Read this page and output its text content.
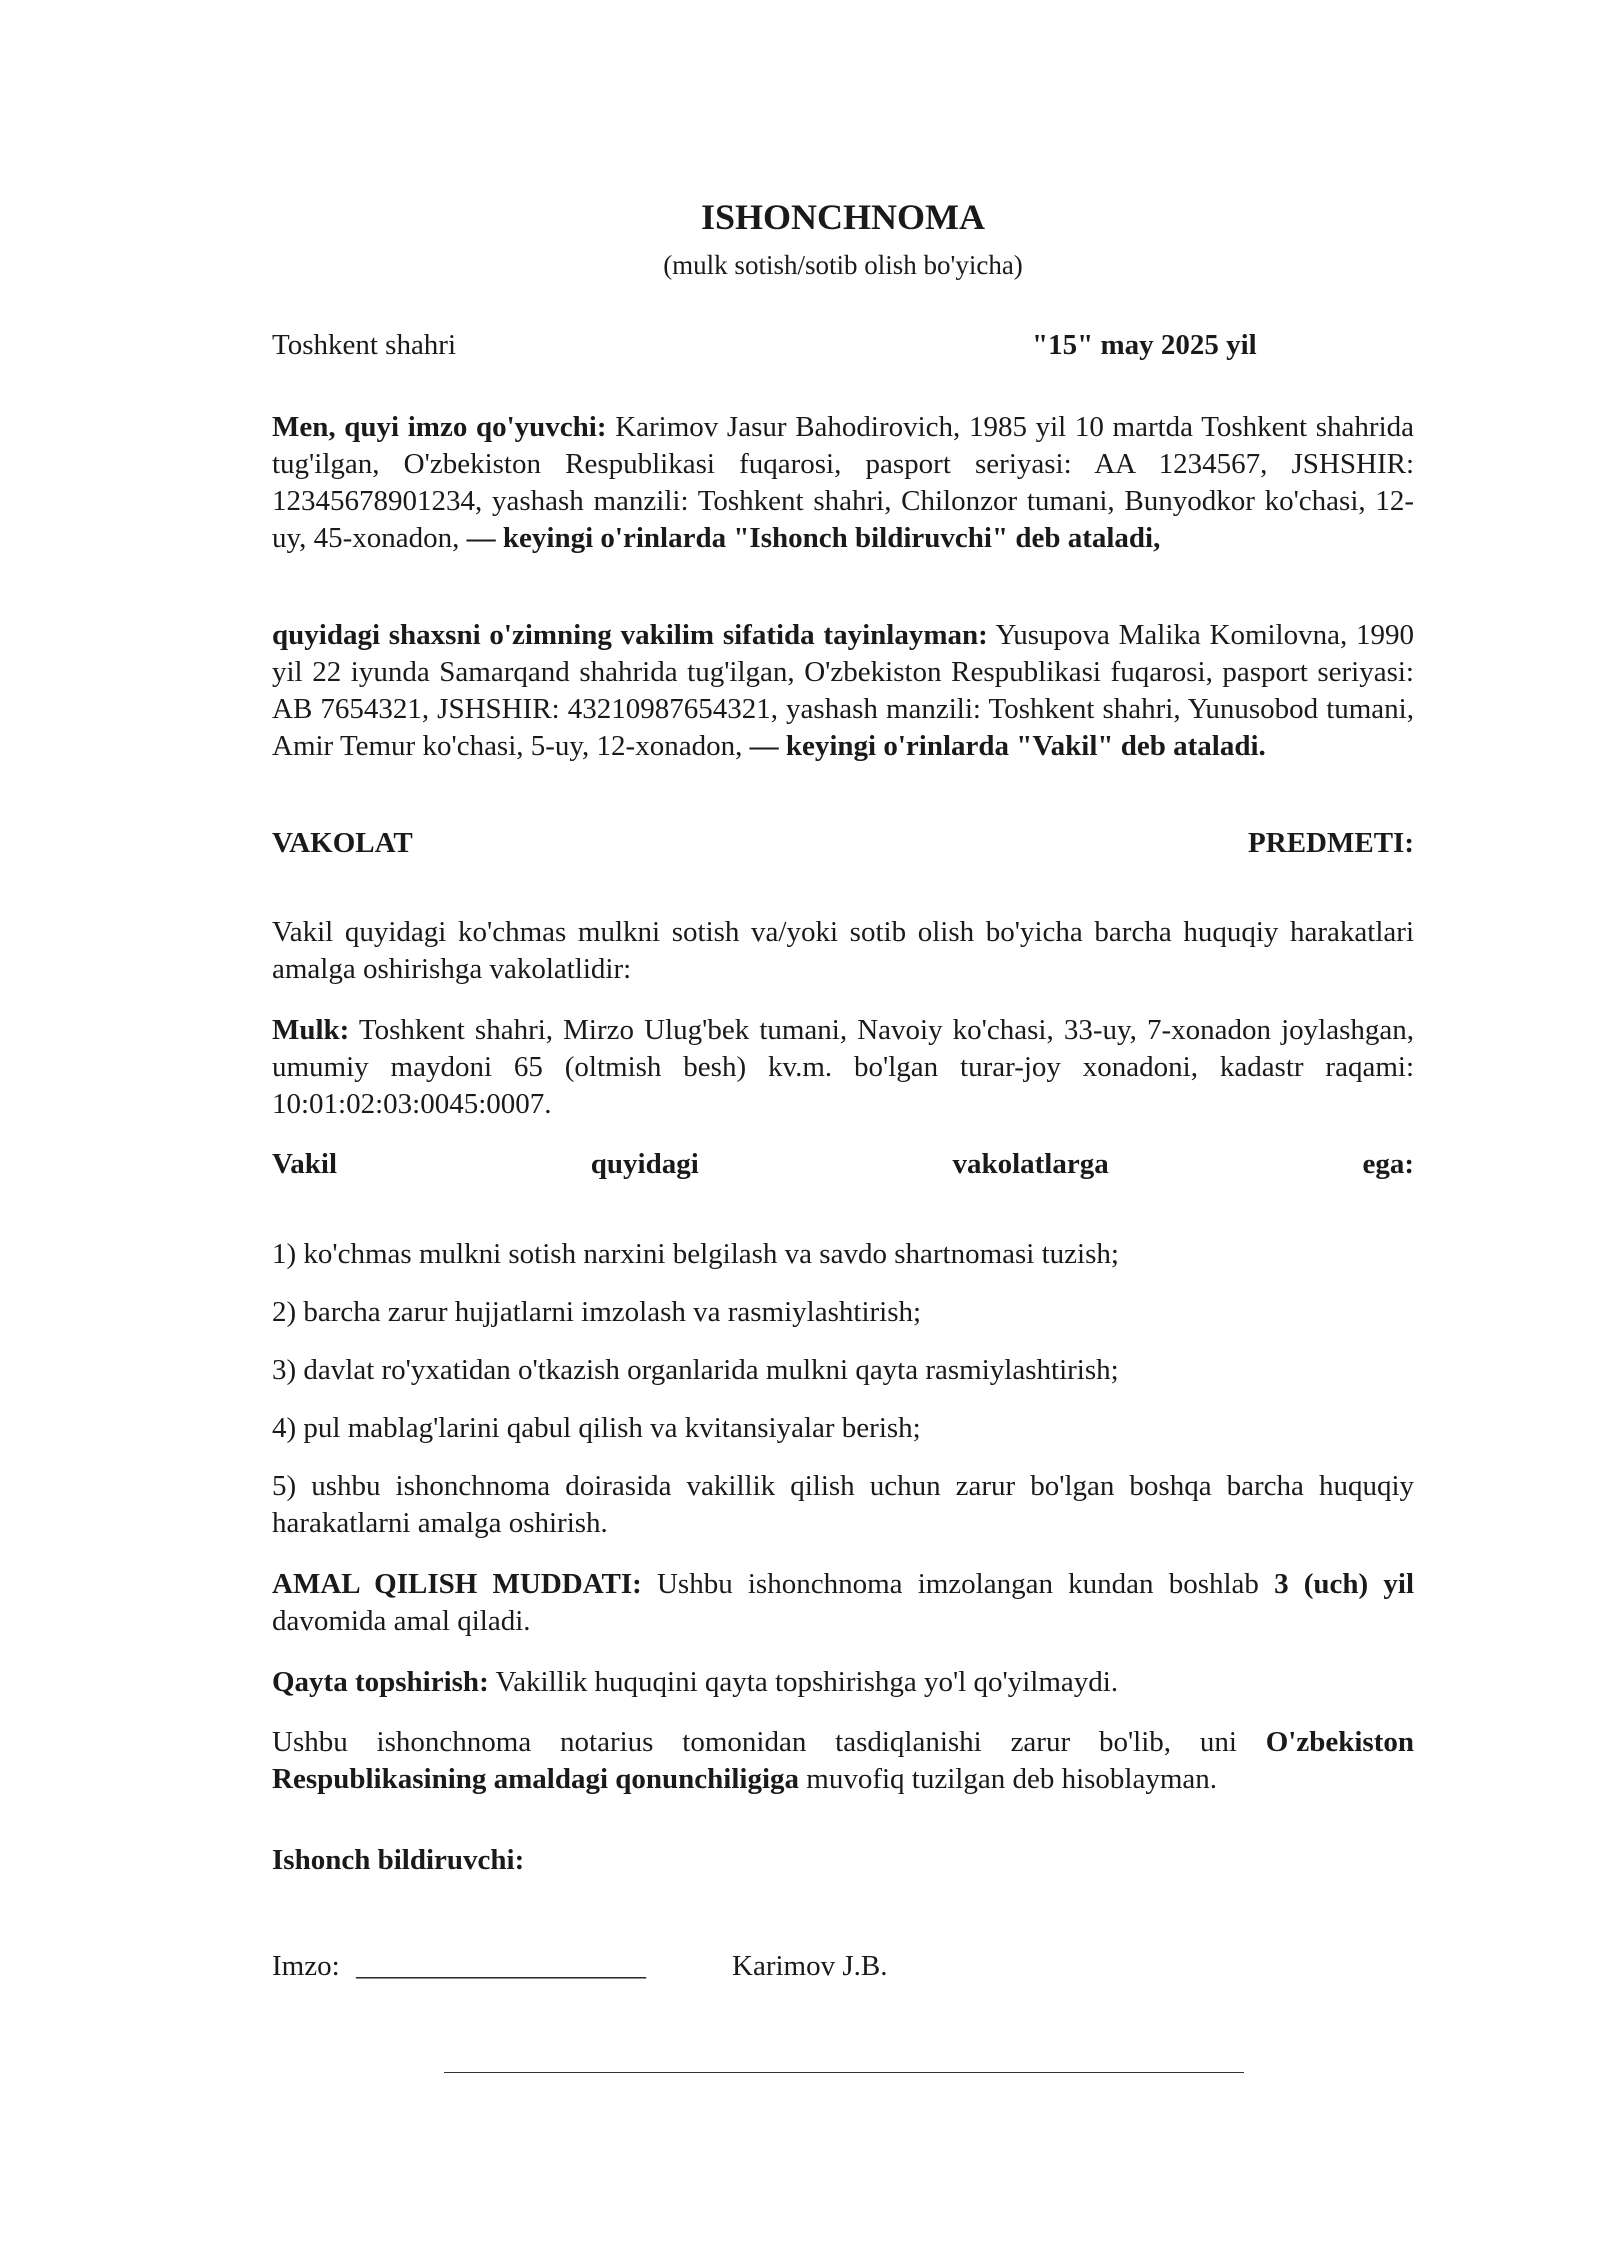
ISHONCHNOMA
(mulk sotish/sotib olish bo'yicha)
Toshkent shahri	"15" may 2025 yil

Men, quyi imzo qo'yuvchi: Karimov Jasur Bahodirovich, 1985 yil 10 martda Toshkent shahrida tug'ilgan, O'zbekiston Respublikasi fuqarosi, pasport seriyasi: AA 1234567, JSHSHIR: 12345678901234, yashash manzili: Toshkent shahri, Chilonzor tumani, Bunyodkor ko'chasi, 12-uy, 45-xonadon, — keyingi o'rinlarda "Ishonch bildiruvchi" deb ataladi,

quyidagi shaxsni o'zimning vakilim sifatida tayinlayman: Yusupova Malika Komilovna, 1990 yil 22 iyunda Samarqand shahrida tug'ilgan, O'zbekiston Respublikasi fuqarosi, pasport seriyasi: AB 7654321, JSHSHIR: 43210987654321, yashash manzili: Toshkent shahri, Yunusobod tumani, Amir Temur ko'chasi, 5-uy, 12-xonadon, — keyingi o'rinlarda "Vakil" deb ataladi.

VAKOLAT	PREDMETI:

Vakil quyidagi ko'chmas mulkni sotish va/yoki sotib olish bo'yicha barcha huquqiy harakatlari amalga oshirishga vakolatlidir:

Mulk: Toshkent shahri, Mirzo Ulug'bek tumani, Navoiy ko'chasi, 33-uy, 7-xonadon joylashgan, umumiy maydoni 65 (oltmish besh) kv.m. bo'lgan turar-joy xonadoni, kadastr raqami: 10:01:02:03:0045:0007.

Vakil	quyidagi	vakolatlarga	ega:

1) ko'chmas mulkni sotish narxini belgilash va savdo shartnomasi tuzish;

2) barcha zarur hujjatlarni imzolash va rasmiylashtirish;

3) davlat ro'yxatidan o'tkazish organlarida mulkni qayta rasmiylashtirish;

4) pul mablag'larini qabul qilish va kvitansiyalar berish;

5) ushbu ishonchnoma doirasida vakillik qilish uchun zarur bo'lgan boshqa barcha huquqiy harakatlarni amalga oshirish.

AMAL QILISH MUDDATI: Ushbu ishonchnoma imzolangan kundan boshlab 3 (uch) yil davomida amal qiladi.

Qayta topshirish: Vakillik huquqini qayta topshirishga yo'l qo'yilmaydi.

Ushbu ishonchnoma notarius tomonidan tasdiqlanishi zarur bo'lib, uni O'zbekiston Respublikasining amaldagi qonunchiligiga muvofiq tuzilgan deb hisoblayman.

Ishonch bildiruvchi:

Imzo: ____________________	Karimov J.B.
